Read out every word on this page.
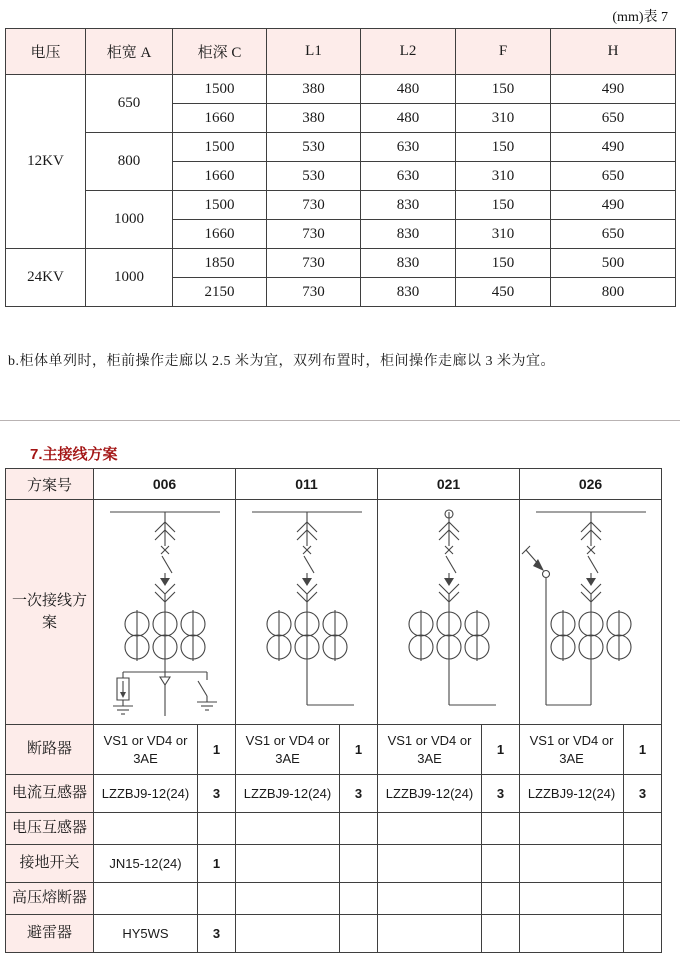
(mm)表 7
电压	柜宽 A	柜深 C	L1	L2	F	H
12KV	650	1500	380	480	150	490
		1660	380	480	310	650
	800	1500	530	630	150	490
		1660	530	630	310	650
	1000	1500	730	830	150	490
		1660	730	830	310	650
24KV	1000	1850	730	830	150	500
		2150	730	830	450	800
b.柜体单列时，柜前操作走廊以 2.5 米为宜，双列布置时，柜间操作走廊以 3 米为宜。
7.主接线方案
方案号	006		011		021		026	
一次接线方案	

断路器	VS1 or VD4 or 3AE	1	VS1 or VD4 or 3AE	1	VS1 or VD4 or 3AE	1	VS1 or VD4 or 3AE	1
电流互感器	LZZBJ9-12(24)	3	LZZBJ9-12(24)	3	LZZBJ9-12(24)	3	LZZBJ9-12(24)	3
电压互感器								
接地开关	JN15-12(24)	1						
高压熔断器								
避雷器	HY5WS	3						
